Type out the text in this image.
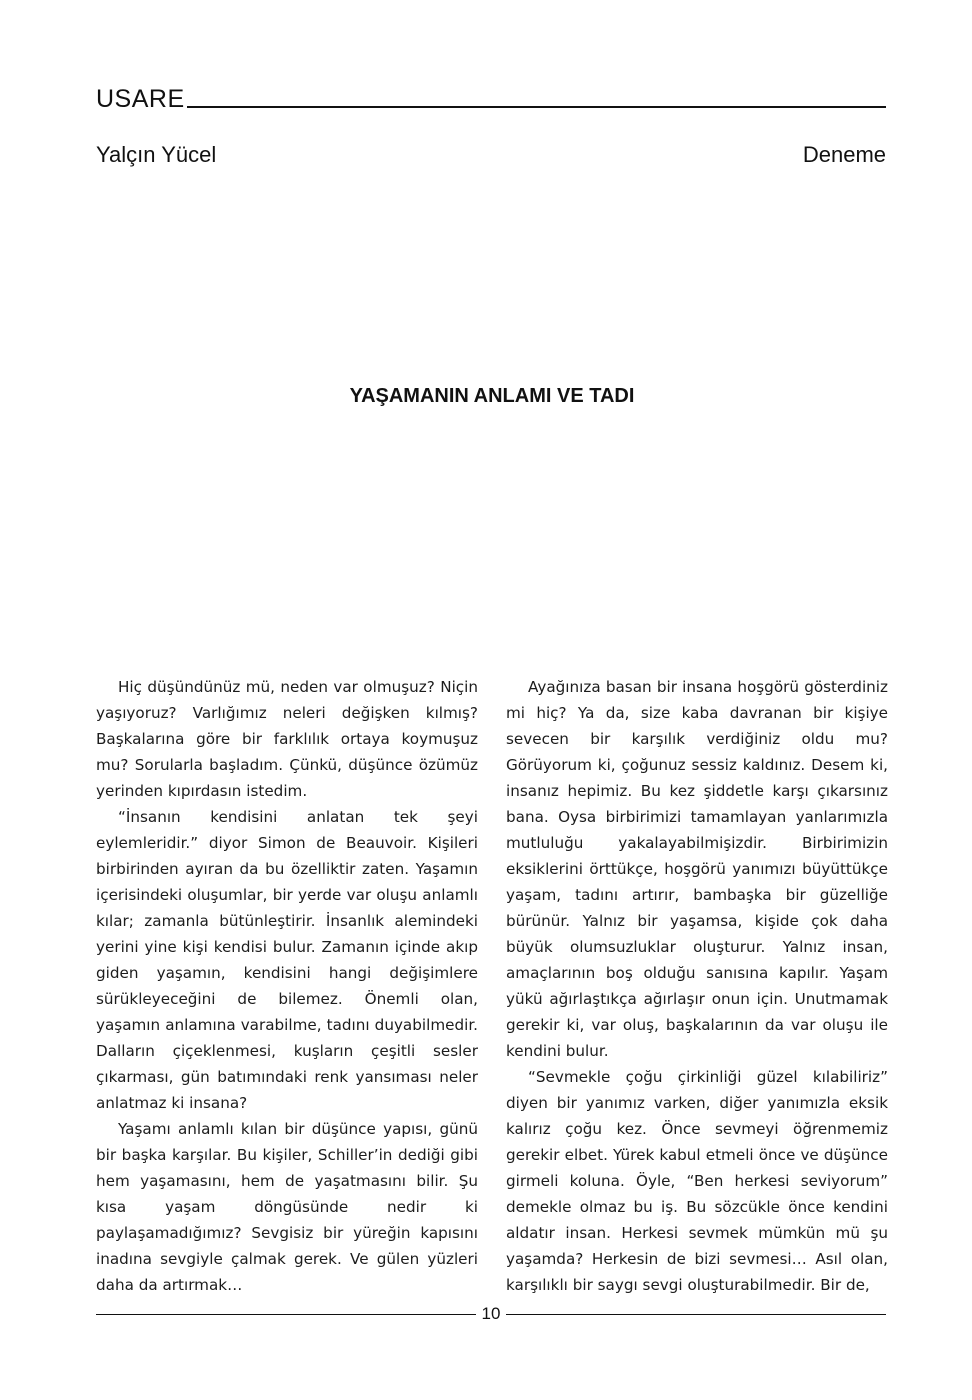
USARE
Yalçın Yücel	Deneme
YAŞAMANIN ANLAMI VE TADI

Hiç düşündünüz mü, neden var olmuşuz? Niçin yaşıyoruz? Varlığımız neleri değişken kılmış? Başkalarına göre bir farklılık ortaya koymuşuz mu? Sorularla başladım. Çünkü, düşünce özümüz yerinden kıpırdasın istedim.

“İnsanın kendisini anlatan tek şeyi eylemleridir.” diyor Simon de Beauvoir. Kişileri birbirinden ayıran da bu özelliktir zaten. Yaşamın içerisindeki oluşumlar, bir yerde var oluşu anlamlı kılar; zamanla bütünleştirir. İnsanlık alemindeki yerini yine kişi kendisi bulur. Zamanın içinde akıp giden yaşamın, kendisini hangi değişimlere sürükleyeceğini de bilemez. Önemli olan, yaşamın anlamına varabilme, tadını duyabilmedir. Dalların çiçeklenmesi, kuşların çeşitli sesler çıkarması, gün batımındaki renk yansıması neler anlatmaz ki insana?

Yaşamı anlamlı kılan bir düşünce yapısı, günü bir başka karşılar. Bu kişiler, Schiller’in dediği gibi hem yaşamasını, hem de yaşatmasını bilir. Şu kısa yaşam döngüsünde nedir ki paylaşamadığımız? Sevgisiz bir yüreğin kapısını inadına sevgiyle çalmak gerek. Ve gülen yüzleri daha da artırmak…

Ayağınıza basan bir insana hoşgörü gösterdiniz mi hiç? Ya da, size kaba davranan bir kişiye sevecen bir karşılık verdiğiniz oldu mu? Görüyorum ki, çoğunuz sessiz kaldınız. Desem ki, insanız hepimiz. Bu kez şiddetle karşı çıkarsınız bana. Oysa birbirimizi tamamlayan yanlarımızla mutluluğu yakalayabilmişizdir. Birbirimizin eksiklerini örttükçe, hoşgörü yanımızı büyüttükçe yaşam, tadını artırır, bambaşka bir güzelliğe bürünür. Yalnız bir yaşamsa, kişide çok daha büyük olumsuzluklar oluşturur. Yalnız insan, amaçlarının boş olduğu sanısına kapılır. Yaşam yükü ağırlaştıkça ağırlaşır onun için. Unutmamak gerekir ki, var oluş, başkalarının da var oluşu ile kendini bulur.

“Sevmekle çoğu çirkinliği güzel kılabiliriz” diyen bir yanımız varken, diğer yanımızla eksik kalırız çoğu kez. Önce sevmeyi öğrenmemiz gerekir elbet. Yürek kabul etmeli önce ve düşünce girmeli koluna. Öyle, “Ben herkesi seviyorum” demekle olmaz bu iş. Bu sözcükle önce kendini aldatır insan. Herkesi sevmek mümkün mü şu yaşamda? Herkesin de bizi sevmesi… Asıl olan, karşılıklı bir saygı sevgi oluşturabilmedir. Bir de,

10
